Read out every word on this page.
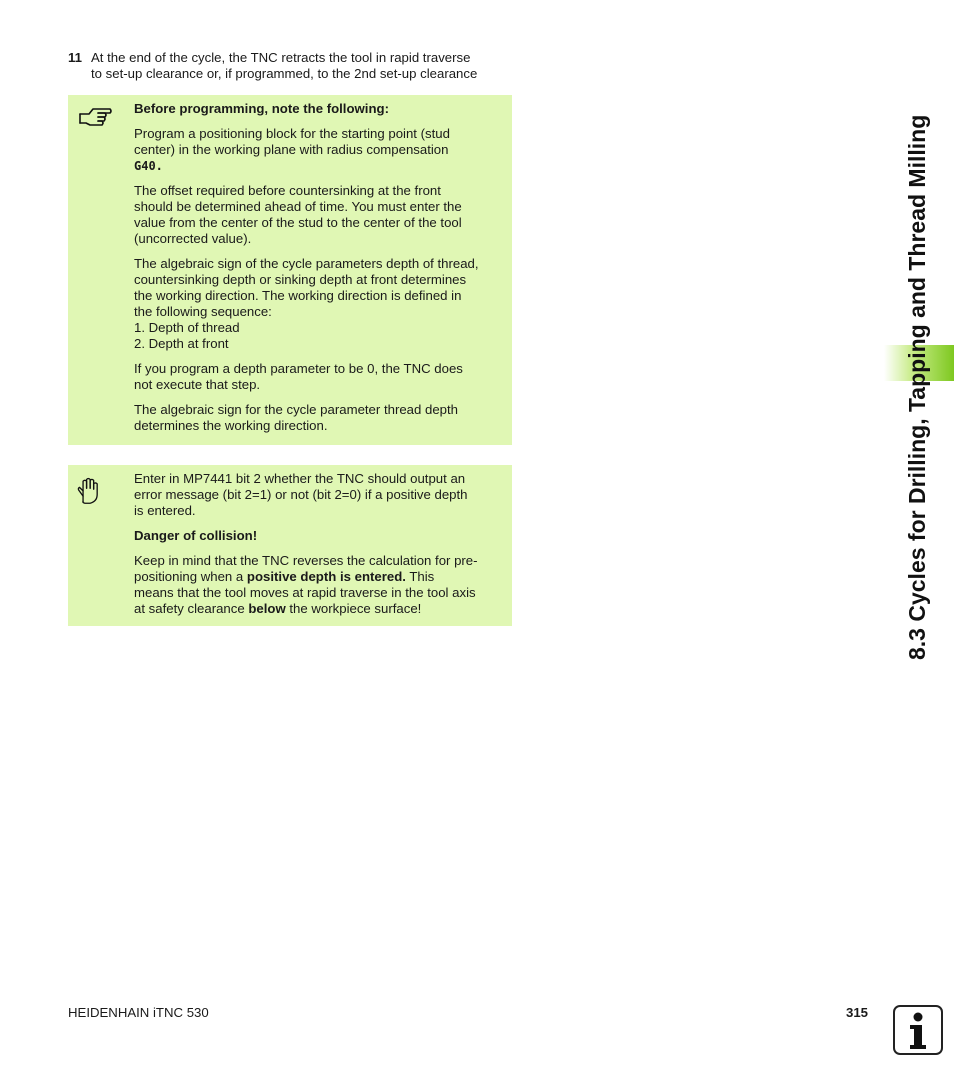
11 At the end of the cycle, the TNC retracts the tool in rapid traverse
to set-up clearance or, if programmed, to the 2nd set-up clearance

Before programming, note the following:

Program a positioning block for the starting point (stud
center) in the working plane with radius compensation
G40.

The offset required before countersinking at the front
should be determined ahead of time. You must enter the
value from the center of the stud to the center of the tool
(uncorrected value).

The algebraic sign of the cycle parameters depth of thread,
countersinking depth or sinking depth at front determines
the working direction. The working direction is defined in
the following sequence:
1. Depth of thread
2. Depth at front

If you program a depth parameter to be 0, the TNC does
not execute that step.

The algebraic sign for the cycle parameter thread depth
determines the working direction.

Enter in MP7441 bit 2 whether the TNC should output an
error message (bit 2=1) or not (bit 2=0) if a positive depth
is entered.

Danger of collision!

Keep in mind that the TNC reverses the calculation for pre-
positioning when a positive depth is entered. This
means that the tool moves at rapid traverse in the tool axis
at safety clearance below the workpiece surface!	8.3 Cycles for Drilling, Tapping and Thread Milling
HEIDENHAIN iTNC 530	315
